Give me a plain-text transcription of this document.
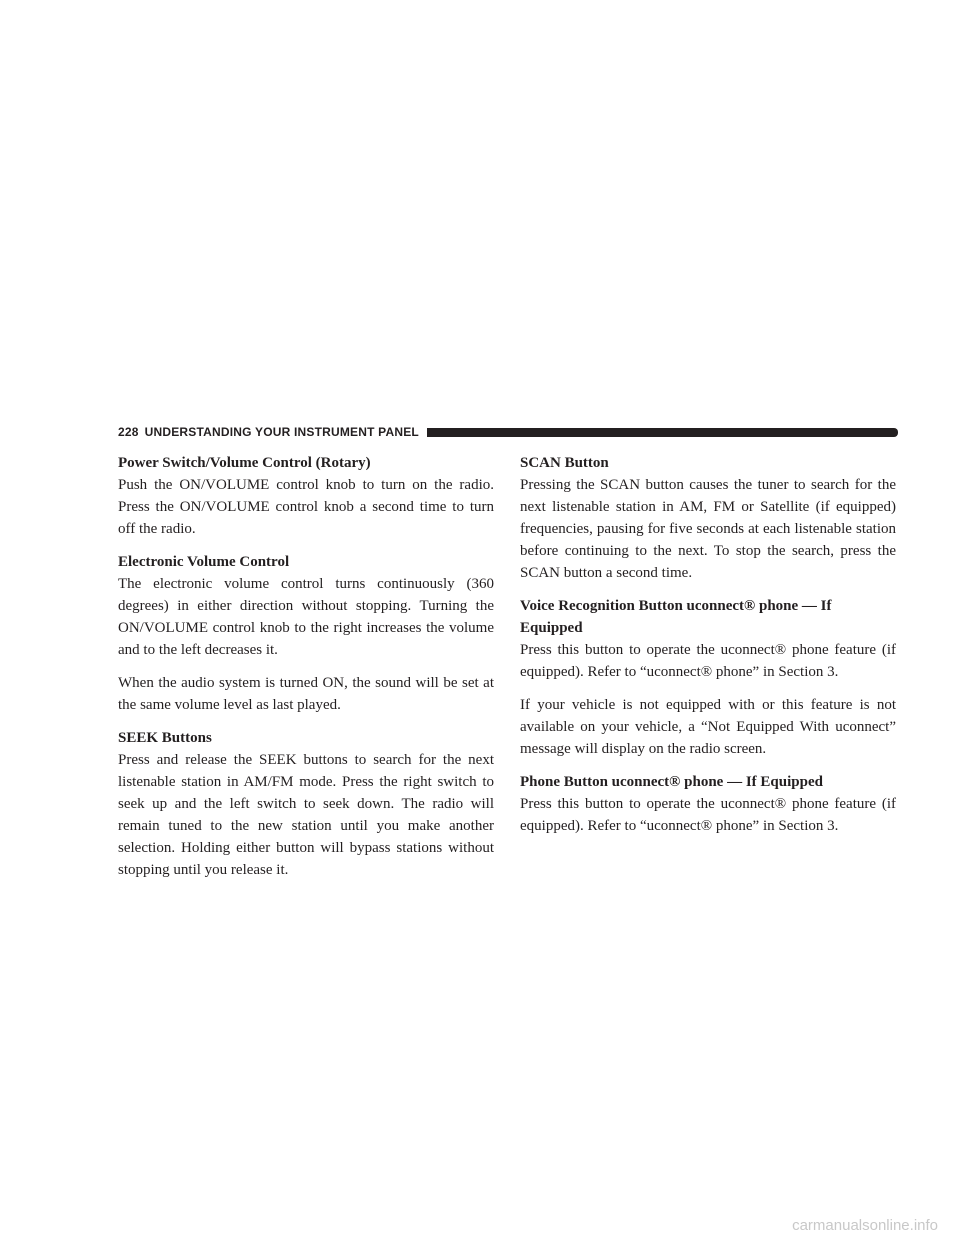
228 UNDERSTANDING YOUR INSTRUMENT PANEL

Power Switch/Volume Control (Rotary)

Push the ON/VOLUME control knob to turn on the radio. Press the ON/VOLUME control knob a second time to turn off the radio.

Electronic Volume Control

The electronic volume control turns continuously (360 degrees) in either direction without stopping. Turning the ON/VOLUME control knob to the right increases the volume and to the left decreases it.

When the audio system is turned ON, the sound will be set at the same volume level as last played.

SEEK Buttons

Press and release the SEEK buttons to search for the next listenable station in AM/FM mode. Press the right switch to seek up and the left switch to seek down. The radio will remain tuned to the new station until you make another selection. Holding either button will bypass stations without stopping until you release it.

SCAN Button

Pressing the SCAN button causes the tuner to search for the next listenable station in AM, FM or Satellite (if equipped) frequencies, pausing for five seconds at each listenable station before continuing to the next. To stop the search, press the SCAN button a second time.

Voice Recognition Button uconnect® phone — If Equipped

Press this button to operate the uconnect® phone feature (if equipped). Refer to “uconnect® phone” in Section 3.

If your vehicle is not equipped with or this feature is not available on your vehicle, a “Not Equipped With uconnect” message will display on the radio screen.

Phone Button uconnect® phone — If Equipped

Press this button to operate the uconnect® phone feature (if equipped). Refer to “uconnect® phone” in Section 3.

carmanualsonline.info
